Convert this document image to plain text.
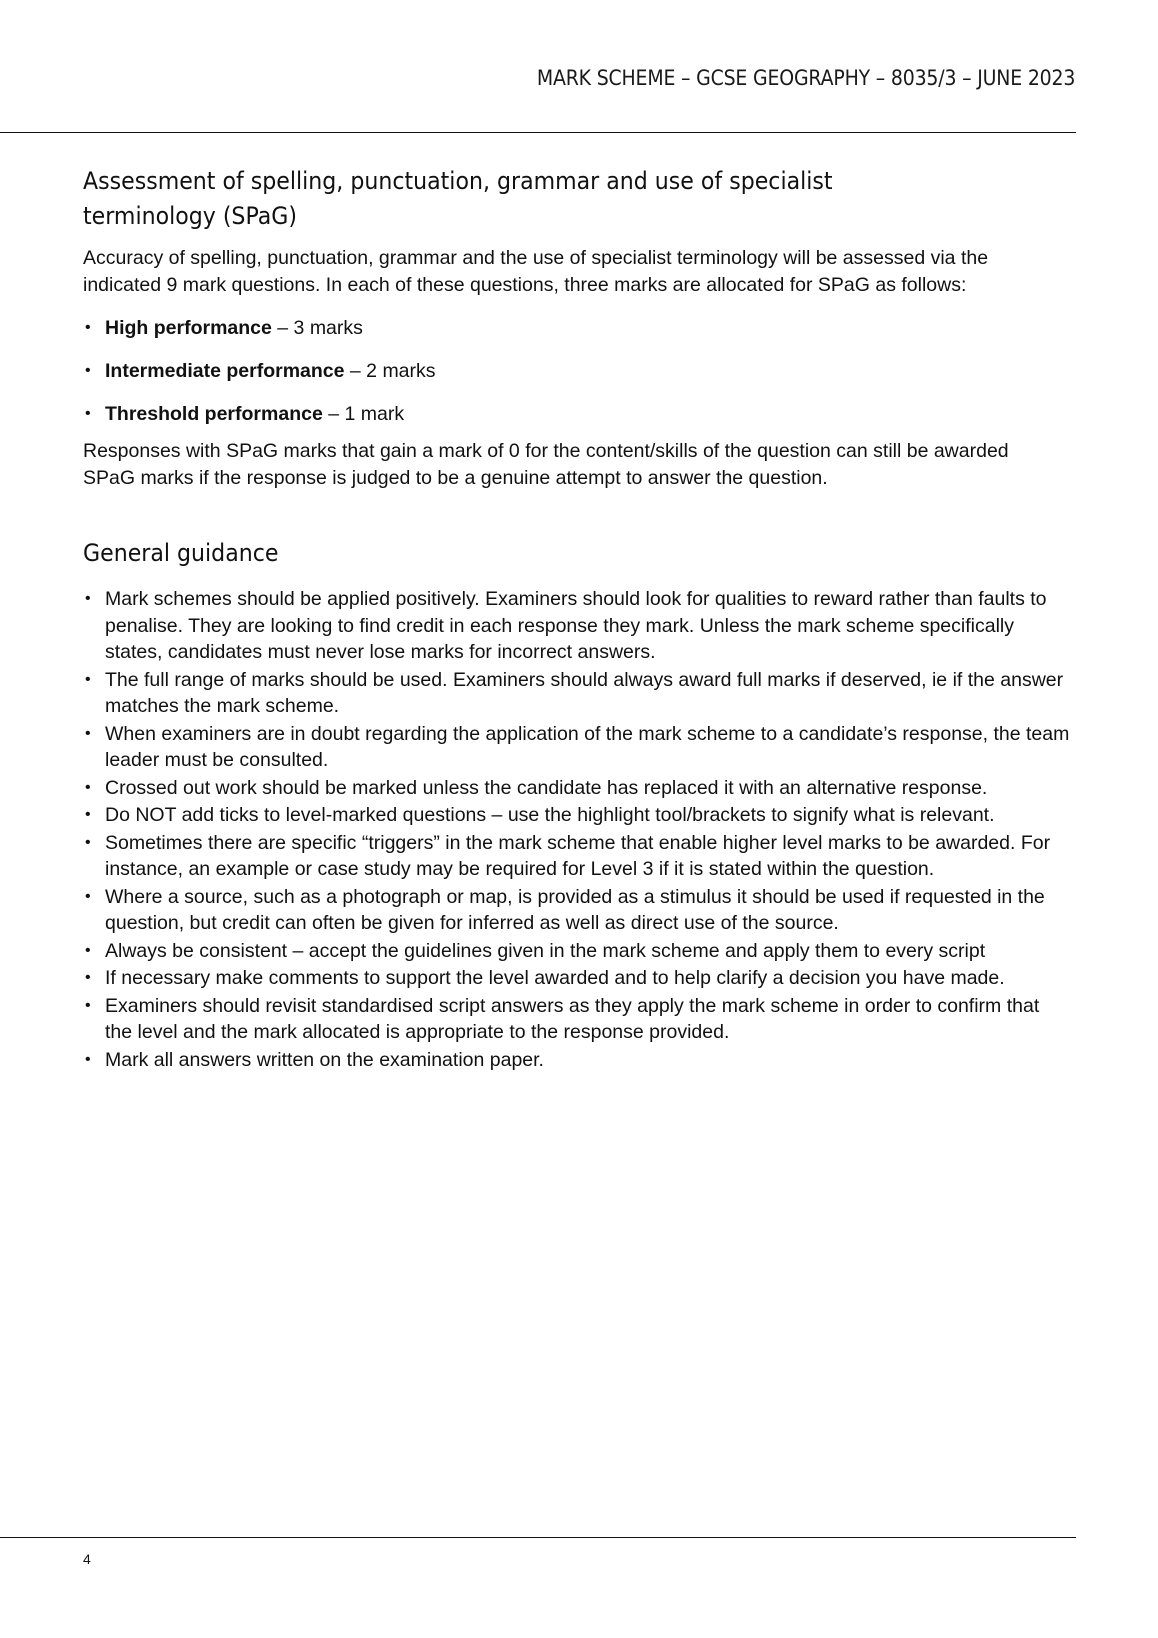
MARK SCHEME – GCSE GEOGRAPHY – 8035/3 – JUNE 2023
Assessment of spelling, punctuation, grammar and use of specialist terminology (SPaG)

Accuracy of spelling, punctuation, grammar and the use of specialist terminology will be assessed via the indicated 9 mark questions. In each of these questions, three marks are allocated for SPaG as follows:

• High performance – 3 marks
• Intermediate performance – 2 marks
• Threshold performance – 1 mark

Responses with SPaG marks that gain a mark of 0 for the content/skills of the question can still be awarded SPaG marks if the response is judged to be a genuine attempt to answer the question.

General guidance
• Mark schemes should be applied positively. Examiners should look for qualities to reward rather than faults to penalise. They are looking to find credit in each response they mark. Unless the mark scheme specifically states, candidates must never lose marks for incorrect answers.
• The full range of marks should be used. Examiners should always award full marks if deserved, ie if the answer matches the mark scheme.
• When examiners are in doubt regarding the application of the mark scheme to a candidate’s response, the team leader must be consulted.
• Crossed out work should be marked unless the candidate has replaced it with an alternative response.
• Do NOT add ticks to level-marked questions – use the highlight tool/brackets to signify what is relevant.
• Sometimes there are specific “triggers” in the mark scheme that enable higher level marks to be awarded. For instance, an example or case study may be required for Level 3 if it is stated within the question.
• Where a source, such as a photograph or map, is provided as a stimulus it should be used if requested in the question, but credit can often be given for inferred as well as direct use of the source.
• Always be consistent – accept the guidelines given in the mark scheme and apply them to every script
• If necessary make comments to support the level awarded and to help clarify a decision you have made.
• Examiners should revisit standardised script answers as they apply the mark scheme in order to confirm that the level and the mark allocated is appropriate to the response provided.
• Mark all answers written on the examination paper.
4
